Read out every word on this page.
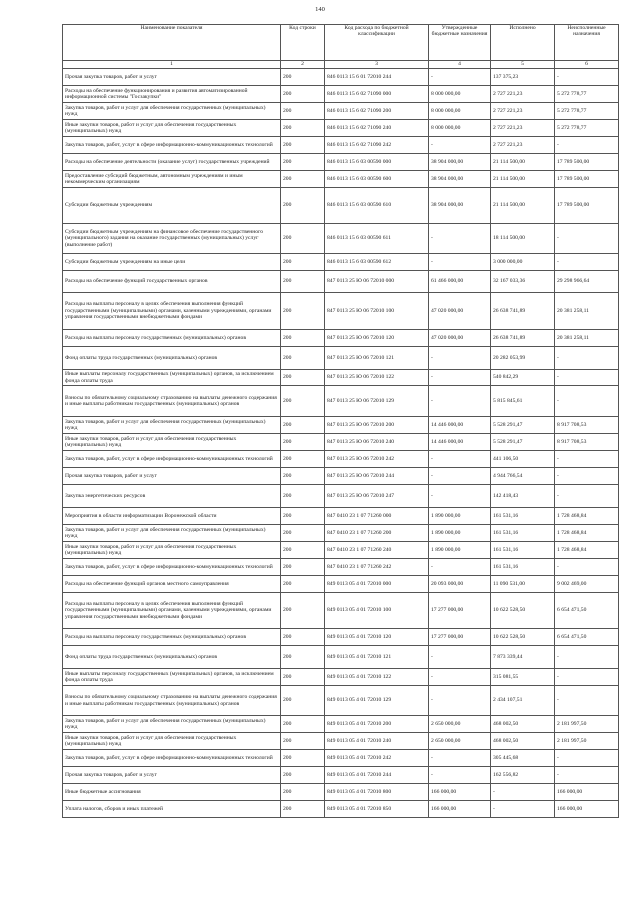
140
Наименование показателя	Код строки	Код расхода по бюджетной классификации	Утвержденные бюджетные назначения	Исполнено	Неисполненные назначения
1	2	3	4	5	6
Прочая закупка товаров, работ и услуг	200	846 0113 15 6 01 72010 244	-	137 375,23	-
Расходы на обеспечение функционирования и развития автоматизированной информационной системы "Госзакупки"	200	846 0113 15 6 02 71090 000	8 000 000,00	2 727 221,23	5 272 778,77
Закупка товаров, работ и услуг для обеспечения государственных (муниципальных) нужд	200	846 0113 15 6 02 71090 200	8 000 000,00	2 727 221,23	5 272 778,77
Иные закупки товаров, работ и услуг для обеспечения государственных (муниципальных) нужд	200	846 0113 15 6 02 71090 240	8 000 000,00	2 727 221,23	5 272 778,77
Закупка товаров, работ, услуг в сфере информационно-коммуникационных технологий	200	846 0113 15 6 02 71090 242	-	2 727 221,23	-
Расходы на обеспечение деятельности (оказание услуг) государственных учреждений	200	846 0113 15 6 03 00590 000	38 904 000,00	21 114 500,00	17 789 500,00
Предоставление субсидий бюджетным, автономным учреждениям и иным некоммерческим организациям	200	846 0113 15 6 03 00590 600	38 904 000,00	21 114 500,00	17 789 500,00
Субсидии бюджетным учреждениям	200	846 0113 15 6 03 00590 610	38 904 000,00	21 114 500,00	17 789 500,00
Субсидии бюджетным учреждениям на финансовое обеспечение государственного (муниципального) задания на оказание государственных (муниципальных) услуг (выполнение работ)	200	846 0113 15 6 03 00590 611	-	18 114 500,00	-
Субсидии бюджетным учреждениям на иные цели	200	846 0113 15 6 03 00590 612	-	3 000 000,00	-
Расходы на обеспечение функций государственных органов	200	847 0113 25 Ю 06 72010 000	61 466 000,00	32 167 033,36	29 298 966,64
Расходы на выплаты персоналу в целях обеспечения выполнения функций государственными (муниципальными) органами, казенными учреждениями, органами управления государственными внебюджетными фондами	200	847 0113 25 Ю 06 72010 100	47 020 000,00	26 638 741,89	20 381 258,11
Расходы на выплаты персоналу государственных (муниципальных) органов	200	847 0113 25 Ю 06 72010 120	47 020 000,00	26 638 741,89	20 381 258,11
Фонд оплаты труда государственных (муниципальных) органов	200	847 0113 25 Ю 06 72010 121	-	20 282 053,99	-
Иные выплаты персоналу государственных (муниципальных) органов, за исключением фонда оплаты труда	200	847 0113 25 Ю 06 72010 122	-	540 842,29	-
Взносы по обязательному социальному страхованию на выплаты денежного содержания и иные выплаты работникам государственных (муниципальных) органов	200	847 0113 25 Ю 06 72010 129	-	5 815 845,61	-
Закупка товаров, работ и услуг для обеспечения государственных (муниципальных) нужд	200	847 0113 25 Ю 06 72010 200	14 446 000,00	5 528 291,47	8 917 708,53
Иные закупки товаров, работ и услуг для обеспечения государственных (муниципальных) нужд	200	847 0113 25 Ю 06 72010 240	14 446 000,00	5 528 291,47	8 917 708,53
Закупка товаров, работ, услуг в сфере информационно-коммуникационных технологий	200	847 0113 25 Ю 06 72010 242	-	441 106,50	-
Прочая закупка товаров, работ и услуг	200	847 0113 25 Ю 06 72010 244	-	4 944 766,54	-
Закупка энергетических ресурсов	200	847 0113 25 Ю 06 72010 247	-	142 418,43	-
Мероприятия в области информатизации Воронежской области	200	847 0410 23 1 07 71260 000	1 890 000,00	161 531,16	1 728 468,84
Закупка товаров, работ и услуг для обеспечения государственных (муниципальных) нужд	200	847 0410 23 1 07 71260 200	1 890 000,00	161 531,16	1 728 468,84
Иные закупки товаров, работ и услуг для обеспечения государственных (муниципальных) нужд	200	847 0410 23 1 07 71260 240	1 890 000,00	161 531,16	1 728 468,84
Закупка товаров, работ, услуг в сфере информационно-коммуникационных технологий	200	847 0410 23 1 07 71260 242	-	161 531,16	-
Расходы на обеспечение функций органов местного самоуправления	200	849 0113 05 4 01 72010 000	20 093 000,00	11 090 531,00	9 002 469,00
Расходы на выплаты персоналу в целях обеспечения выполнения функций государственными (муниципальными) органами, казенными учреждениями, органами управления государственными внебюджетными фондами	200	849 0113 05 4 01 72010 100	17 277 000,00	10 622 528,50	6 654 471,50
Расходы на выплаты персоналу государственных (муниципальных) органов	200	849 0113 05 4 01 72010 120	17 277 000,00	10 622 528,50	6 654 471,50
Фонд оплаты труда государственных (муниципальных) органов	200	849 0113 05 4 01 72010 121	-	7 873 339,44	-
Иные выплаты персоналу государственных (муниципальных) органов, за исключением фонда оплаты труда	200	849 0113 05 4 01 72010 122	-	315 081,55	-
Взносы по обязательному социальному страхованию на выплаты денежного содержания и иные выплаты работникам государственных (муниципальных) органов	200	849 0113 05 4 01 72010 129	-	2 434 107,51	-
Закупка товаров, работ и услуг для обеспечения государственных (муниципальных) нужд	200	849 0113 05 4 01 72010 200	2 650 000,00	468 002,50	2 181 997,50
Иные закупки товаров, работ и услуг для обеспечения государственных (муниципальных) нужд	200	849 0113 05 4 01 72010 240	2 650 000,00	468 002,50	2 181 997,50
Закупка товаров, работ, услуг в сфере информационно-коммуникационных технологий	200	849 0113 05 4 01 72010 242	-	305 445,68	-
Прочая закупка товаров, работ и услуг	200	849 0113 05 4 01 72010 244	-	162 556,82	-
Иные бюджетные ассигнования	200	849 0113 05 4 01 72010 800	166 000,00	-	166 000,00
Уплата налогов, сборов и иных платежей	200	849 0113 05 4 01 72010 850	166 000,00	-	166 000,00
